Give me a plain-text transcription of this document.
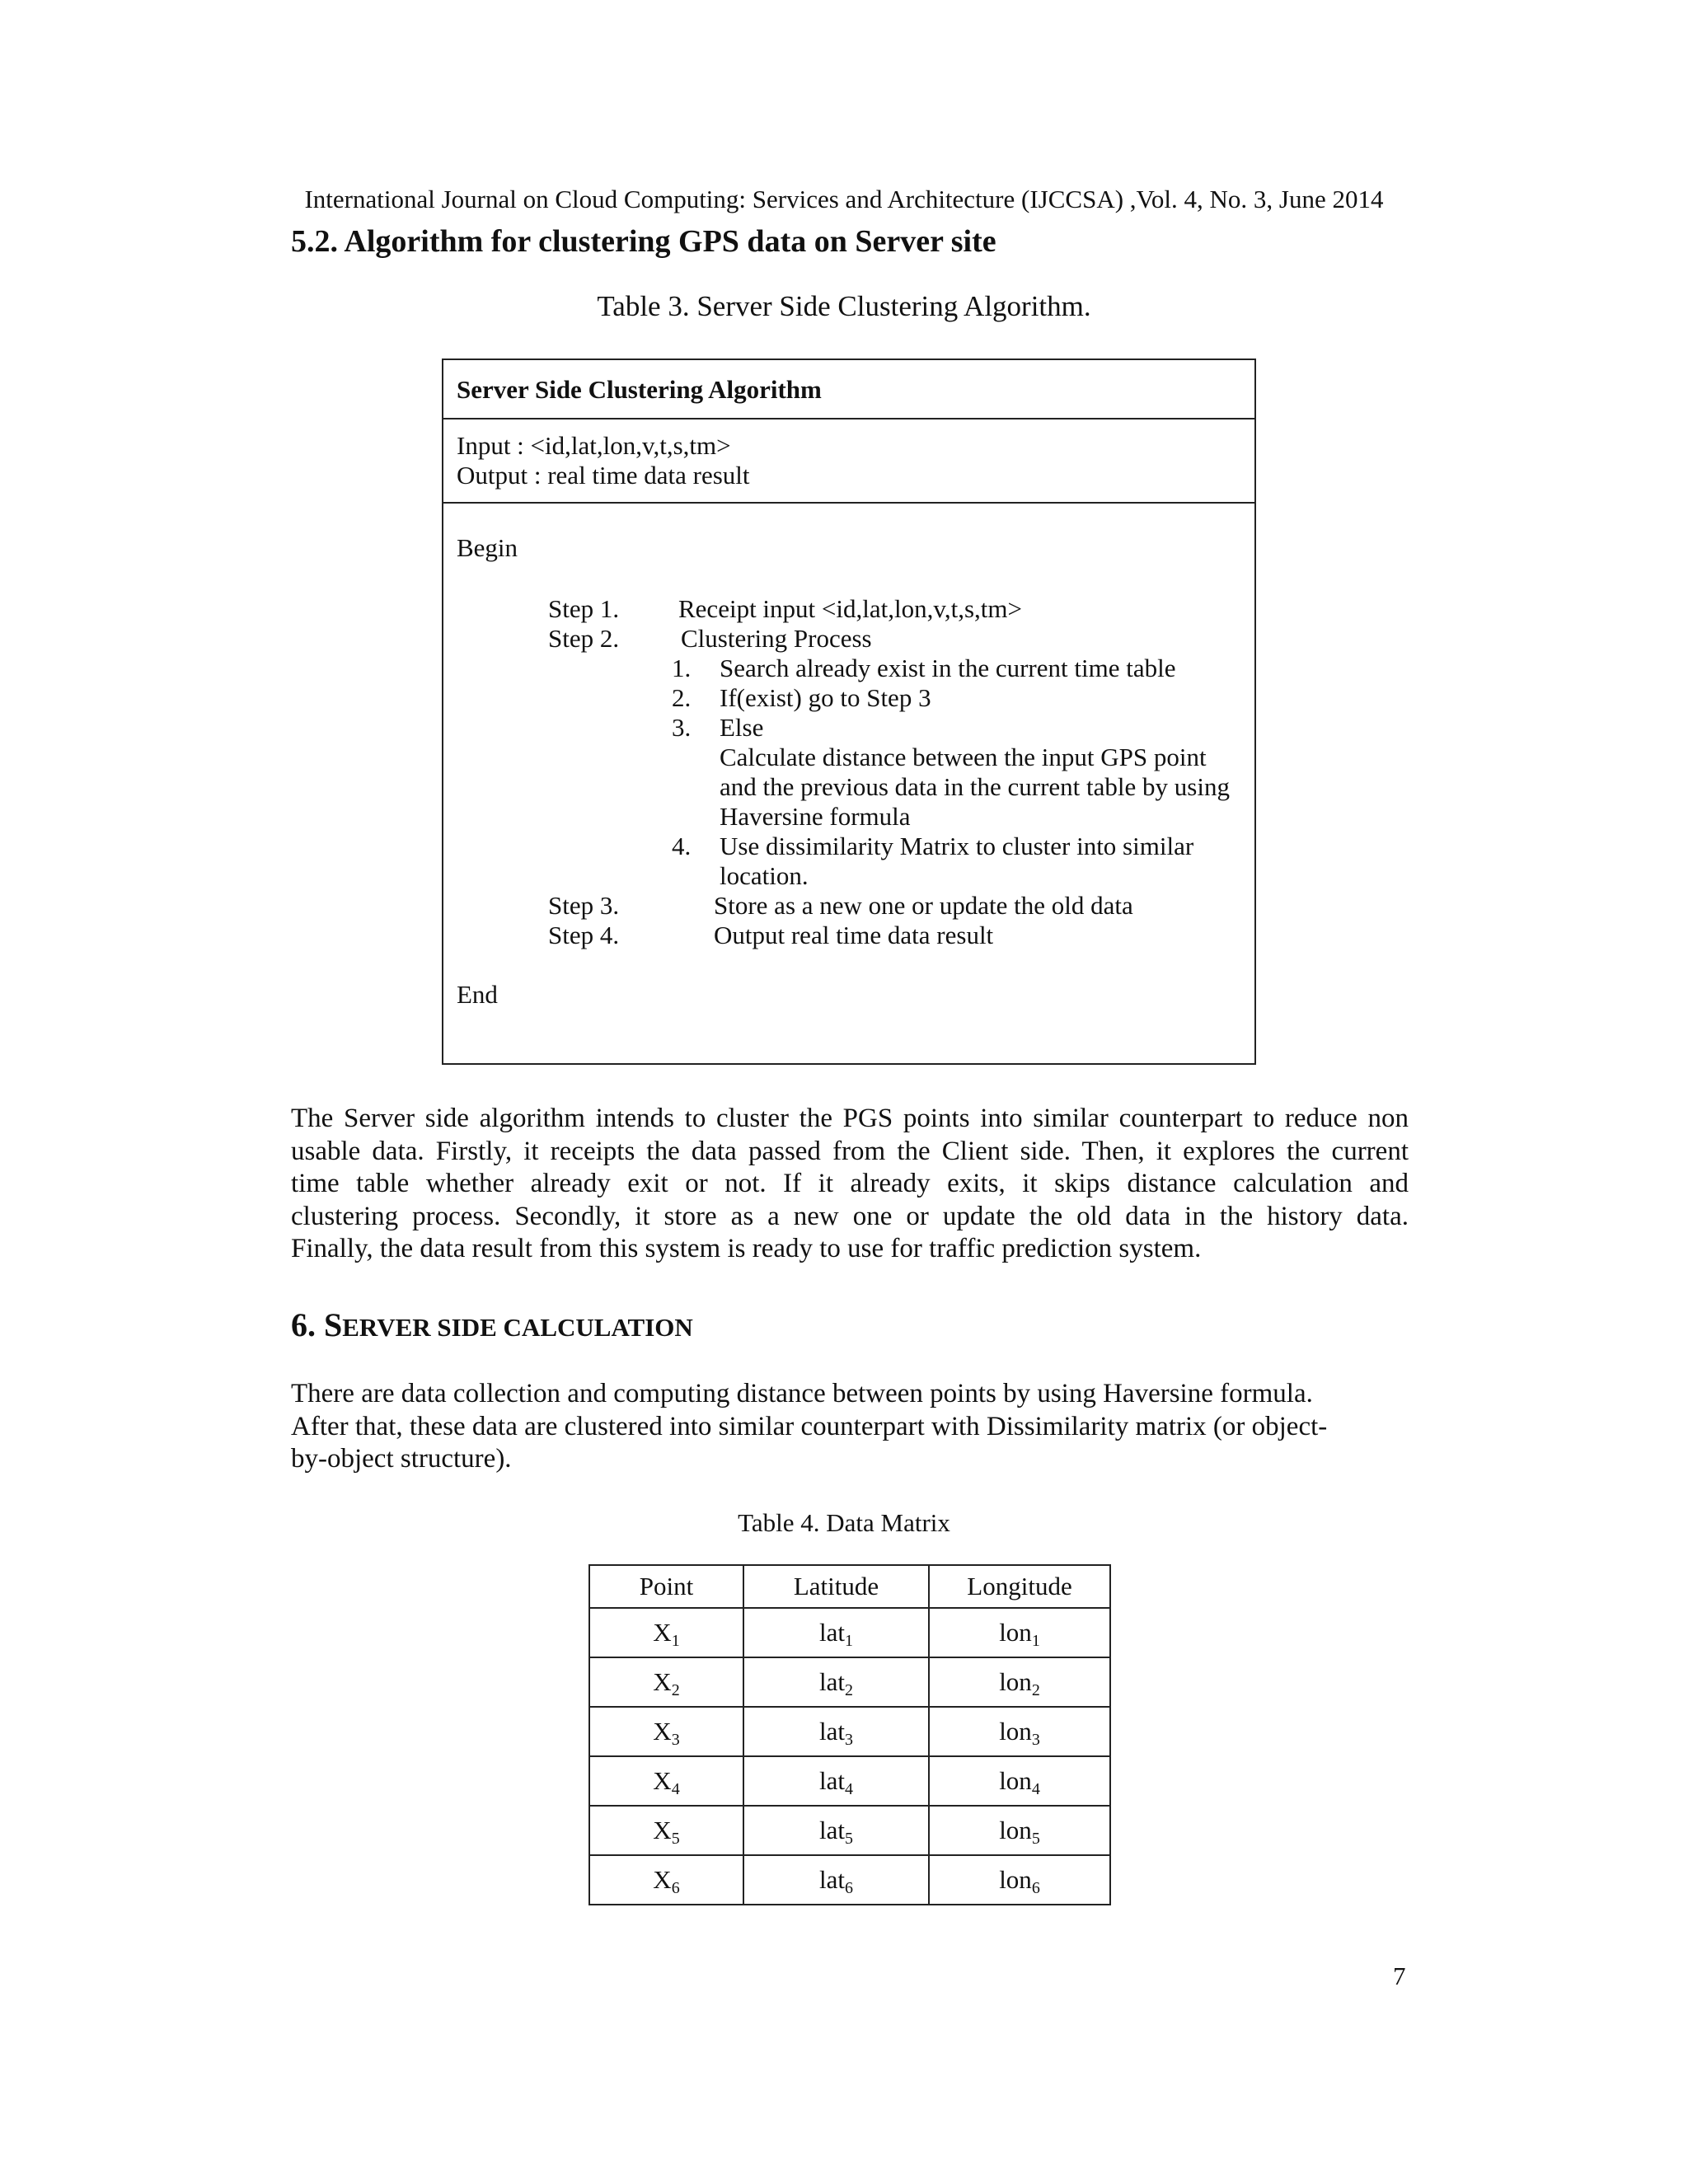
International Journal on Cloud Computing: Services and Architecture (IJCCSA) ,Vol. 4, No. 3, June 2014
5.2. Algorithm for clustering GPS data on Server site
Table 3. Server Side Clustering Algorithm.
Server Side Clustering Algorithm
Input : <id,lat,lon,v,t,s,tm>
Output : real time data result
Begin
Step 1. Receipt input <id,lat,lon,v,t,s,tm>
Step 2. Clustering Process
1. Search already exist in the current time table
2. If(exist) go to Step 3
3. Else
Calculate distance between the input GPS point
and the previous data in the current table by using
Haversine formula
4. Use dissimilarity Matrix to cluster into similar
location.
Step 3.	Store as a new one or update the old data
Step 4.	Output real time data result
End
The Server side algorithm intends to cluster the PGS points into similar counterpart to reduce non
usable data. Firstly, it receipts the data passed from the Client side. Then, it explores the current
time table whether already exit or not. If it already exits, it skips distance calculation and
clustering process. Secondly, it store as a new one or update the old data in the history data.
Finally, the data result from this system is ready to use for traffic prediction system.
6. SERVER SIDE CALCULATION
There are data collection and computing distance between points by using Haversine formula.
After that, these data are clustered into similar counterpart with Dissimilarity matrix (or object-
by-object structure).
Table 4. Data Matrix
Point	Latitude	Longitude
$X_1$	lat$_1$	lon$_1$
$X_2$	lat$_2$	lon$_2$
$X_3$	lat$_3$	lon$_3$
$X_4$	lat$_4$	lon$_4$
$X_5$	lat$_5$	lon$_5$
$X_6$	lat$_6$	lon$_6$
7
